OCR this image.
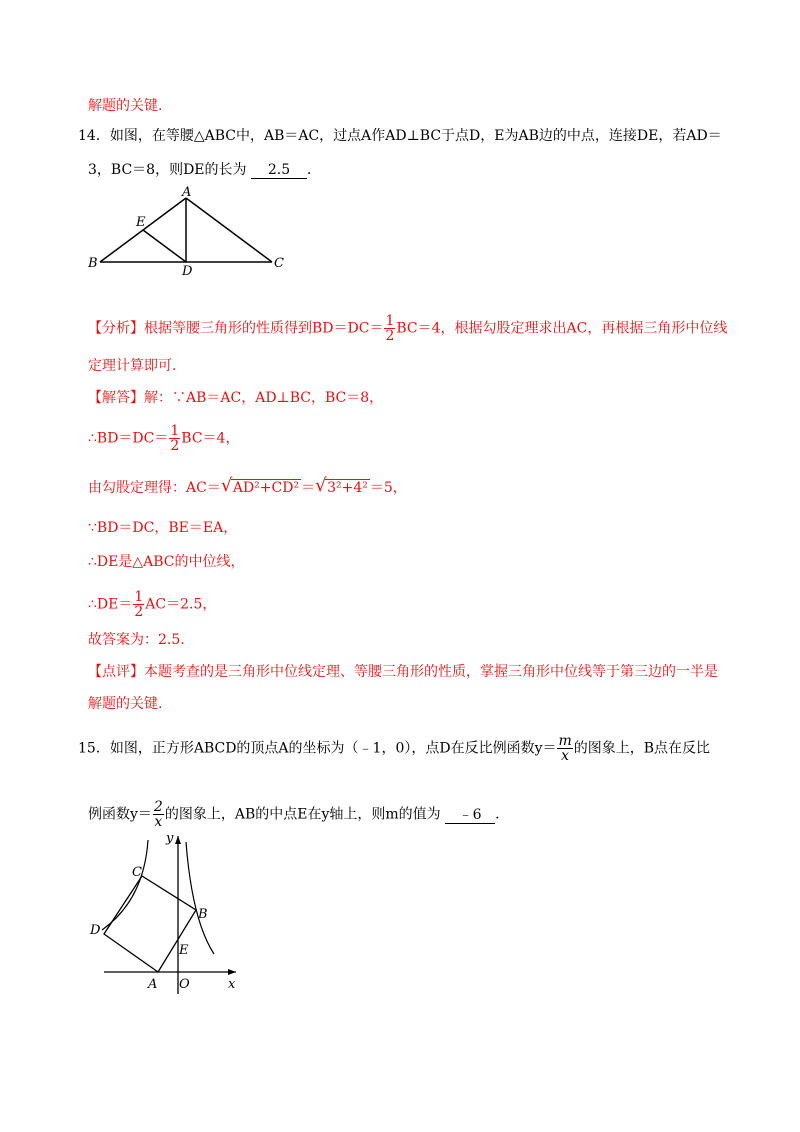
解题的关键.
14．如图，在等腰△ABC中，AB＝AC，过点A作AD⊥BC于点D，E为AB边的中点，连接DE，若AD＝
3，BC＝8，则DE的长为 2.5 ．
A
B	C
D
E
【分析】根据等腰三角形的性质得到$BD=DC= \frac{1}{2} BC=4$，根据勾股定理求出AC，再根据三角形中位线
定理计算即可.
【解答】解：∵AB＝AC，AD⊥BC，BC＝8，
∴BD＝DC＝ $\frac{1}{2} BC=4$，
由勾股定理得：AC＝ √ AD²+CD² ＝ √ 3²+4² ＝5，
∵BD＝DC，BE＝EA，
∴DE是△ABC的中位线，
∴DE＝ $\frac{1}{2} AC=2.5$，
故答案为：2.5.
【点评】本题考查的是三角形中位线定理、等腰三角形的性质，掌握三角形中位线等于第三边的一半是
解题的关键.
15．如图，正方形ABCD的顶点A的坐标为（﹣1，0），点D在反比例函数$y= \frac{m}{x}$ 的图象上，B点在反比
例函数$y= \frac{2}{x}$ 的图象上，AB的中点E在y轴上，则m的值为 ﹣6 ．
A
B
C
D
E
O	x
y
